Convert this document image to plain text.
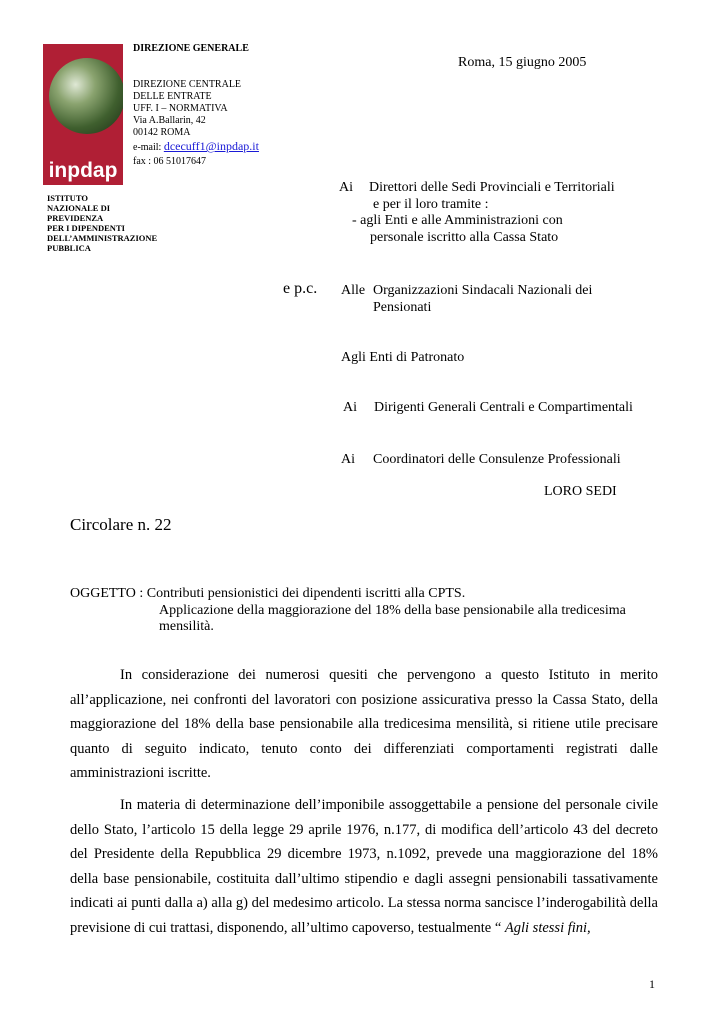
inpdap
ISTITUTO
NAZIONALE DI
PREVIDENZA
PER I DIPENDENTI
DELL’AMMINISTRAZIONE
PUBBLICA
DIREZIONE GENERALE
DIREZIONE CENTRALE
DELLE ENTRATE
UFF. I – NORMATIVA
Via A.Ballarin, 42
00142 ROMA
e-mail: dcecuff1@inpdap.it
fax : 06 51017647
Roma, 15 giugno 2005
Ai Direttori delle Sedi Provinciali e Territoriali
e per il loro tramite :
- agli Enti e alle Amministrazioni con
personale iscritto alla Cassa Stato
e p.c. Alle Organizzazioni Sindacali Nazionali dei
Pensionati
Agli Enti di Patronato
Ai Dirigenti Generali Centrali e Compartimentali
Ai Coordinatori delle Consulenze Professionali
LORO SEDI
Circolare n. 22
OGGETTO : Contributi pensionistici dei dipendenti iscritti alla CPTS.
Applicazione della maggiorazione del 18% della base pensionabile alla tredicesima
mensilità.

In considerazione dei numerosi quesiti che pervengono a questo Istituto in merito all’applicazione, nei confronti del lavoratori con posizione assicurativa presso la Cassa Stato, della maggiorazione del 18% della base pensionabile alla tredicesima mensilità, si ritiene utile precisare quanto di seguito indicato, tenuto conto dei differenziati comportamenti registrati dalle amministrazioni iscritte.

In materia di determinazione dell’imponibile assoggettabile a pensione del personale civile dello Stato, l’articolo 15 della legge 29 aprile 1976, n.177, di modifica dell’articolo 43 del decreto del Presidente della Repubblica 29 dicembre 1973, n.1092, prevede una maggiorazione del 18% della base pensionabile, costituita dall’ultimo stipendio e dagli assegni pensionabili tassativamente indicati ai punti dalla a) alla g) del medesimo articolo. La stessa norma sancisce l’inderogabilità della previsione di cui trattasi, disponendo, all’ultimo capoverso, testualmente “ Agli stessi fini,

1
